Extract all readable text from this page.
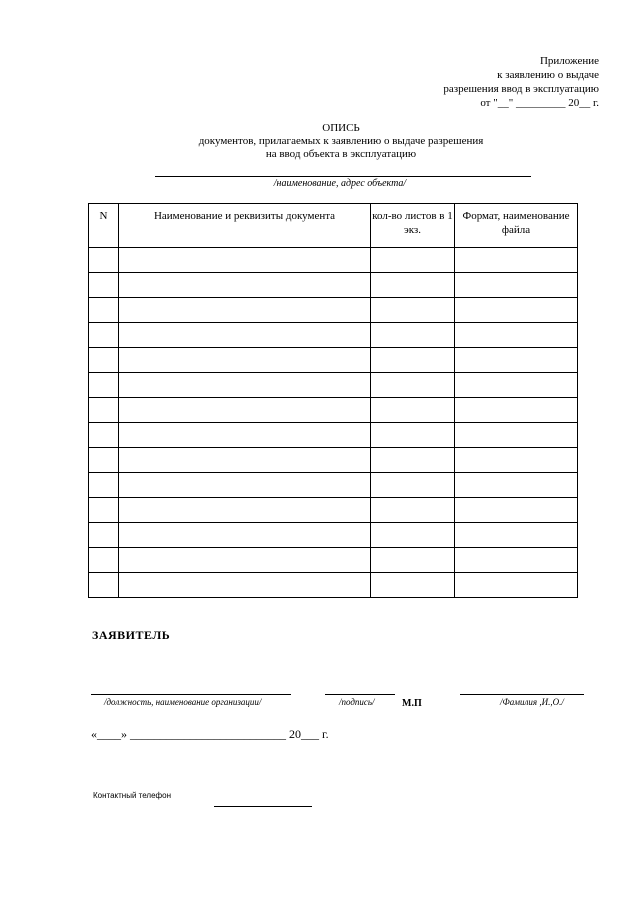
Приложение
к заявлению о выдаче
разрешения ввод в эксплуатацию
от "__" _________ 20__ г.
ОПИСЬ
документов, прилагаемых к заявлению о выдаче разрешения
на ввод объекта в эксплуатацию
/наименование, адрес объекта/
N	Наименование и реквизиты документа	кол-во листов в 1 экз.	Формат, наименование файла

ЗАЯВИТЕЛЬ
/должность, наименование организации/	/подпись/	М.П	/Фамилия ,И.,О./
«____» __________________________ 20___ г.
Контактный телефон
